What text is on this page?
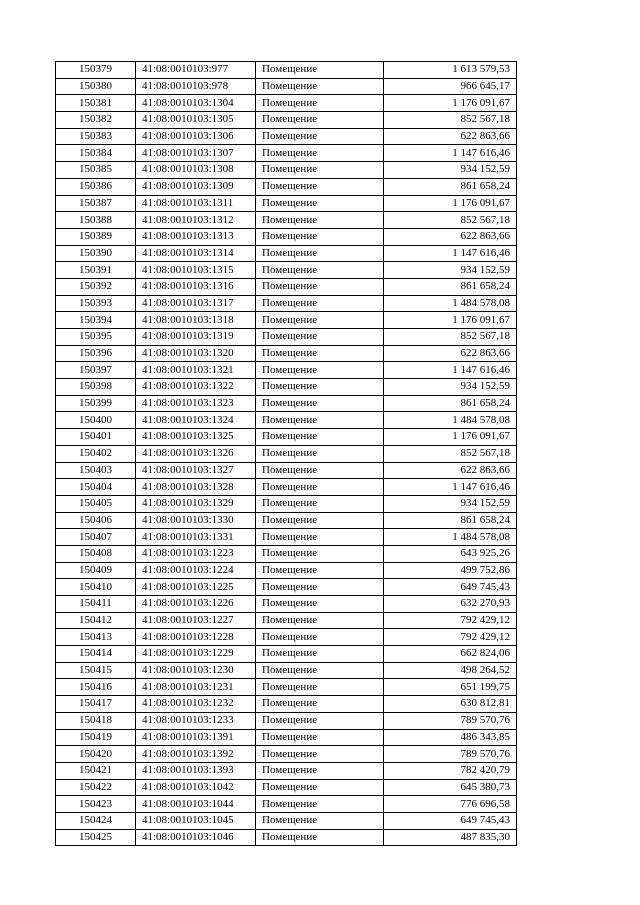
150379	41:08:0010103:977	Помещение	1 613 579,53
150380	41:08:0010103:978	Помещение	966 645,17
150381	41:08:0010103:1304	Помещение	1 176 091,67
150382	41:08:0010103:1305	Помещение	852 567,18
150383	41:08:0010103:1306	Помещение	622 863,66
150384	41:08:0010103:1307	Помещение	1 147 616,46
150385	41:08:0010103:1308	Помещение	934 152,59
150386	41:08:0010103:1309	Помещение	861 658,24
150387	41:08:0010103:1311	Помещение	1 176 091,67
150388	41:08:0010103:1312	Помещение	852 567,18
150389	41:08:0010103:1313	Помещение	622 863,66
150390	41:08:0010103:1314	Помещение	1 147 616,46
150391	41:08:0010103:1315	Помещение	934 152,59
150392	41:08:0010103:1316	Помещение	861 658,24
150393	41:08:0010103:1317	Помещение	1 484 578,08
150394	41:08:0010103:1318	Помещение	1 176 091,67
150395	41:08:0010103:1319	Помещение	852 567,18
150396	41:08:0010103:1320	Помещение	622 863,66
150397	41:08:0010103:1321	Помещение	1 147 616,46
150398	41:08:0010103:1322	Помещение	934 152,59
150399	41:08:0010103:1323	Помещение	861 658,24
150400	41:08:0010103:1324	Помещение	1 484 578,08
150401	41:08:0010103:1325	Помещение	1 176 091,67
150402	41:08:0010103:1326	Помещение	852 567,18
150403	41:08:0010103:1327	Помещение	622 863,66
150404	41:08:0010103:1328	Помещение	1 147 616,46
150405	41:08:0010103:1329	Помещение	934 152,59
150406	41:08:0010103:1330	Помещение	861 658,24
150407	41:08:0010103:1331	Помещение	1 484 578,08
150408	41:08:0010103:1223	Помещение	643 925,26
150409	41:08:0010103:1224	Помещение	499 752,86
150410	41:08:0010103:1225	Помещение	649 745,43
150411	41:08:0010103:1226	Помещение	632 270,93
150412	41:08:0010103:1227	Помещение	792 429,12
150413	41:08:0010103:1228	Помещение	792 429,12
150414	41:08:0010103:1229	Помещение	662 824,06
150415	41:08:0010103:1230	Помещение	498 264,52
150416	41:08:0010103:1231	Помещение	651 199,75
150417	41:08:0010103:1232	Помещение	630 812,81
150418	41:08:0010103:1233	Помещение	789 570,76
150419	41:08:0010103:1391	Помещение	486 343,85
150420	41:08:0010103:1392	Помещение	789 570,76
150421	41:08:0010103:1393	Помещение	782 420,79
150422	41:08:0010103:1042	Помещение	645 380,73
150423	41:08:0010103:1044	Помещение	776 696,58
150424	41:08:0010103:1045	Помещение	649 745,43
150425	41:08:0010103:1046	Помещение	487 835,30
